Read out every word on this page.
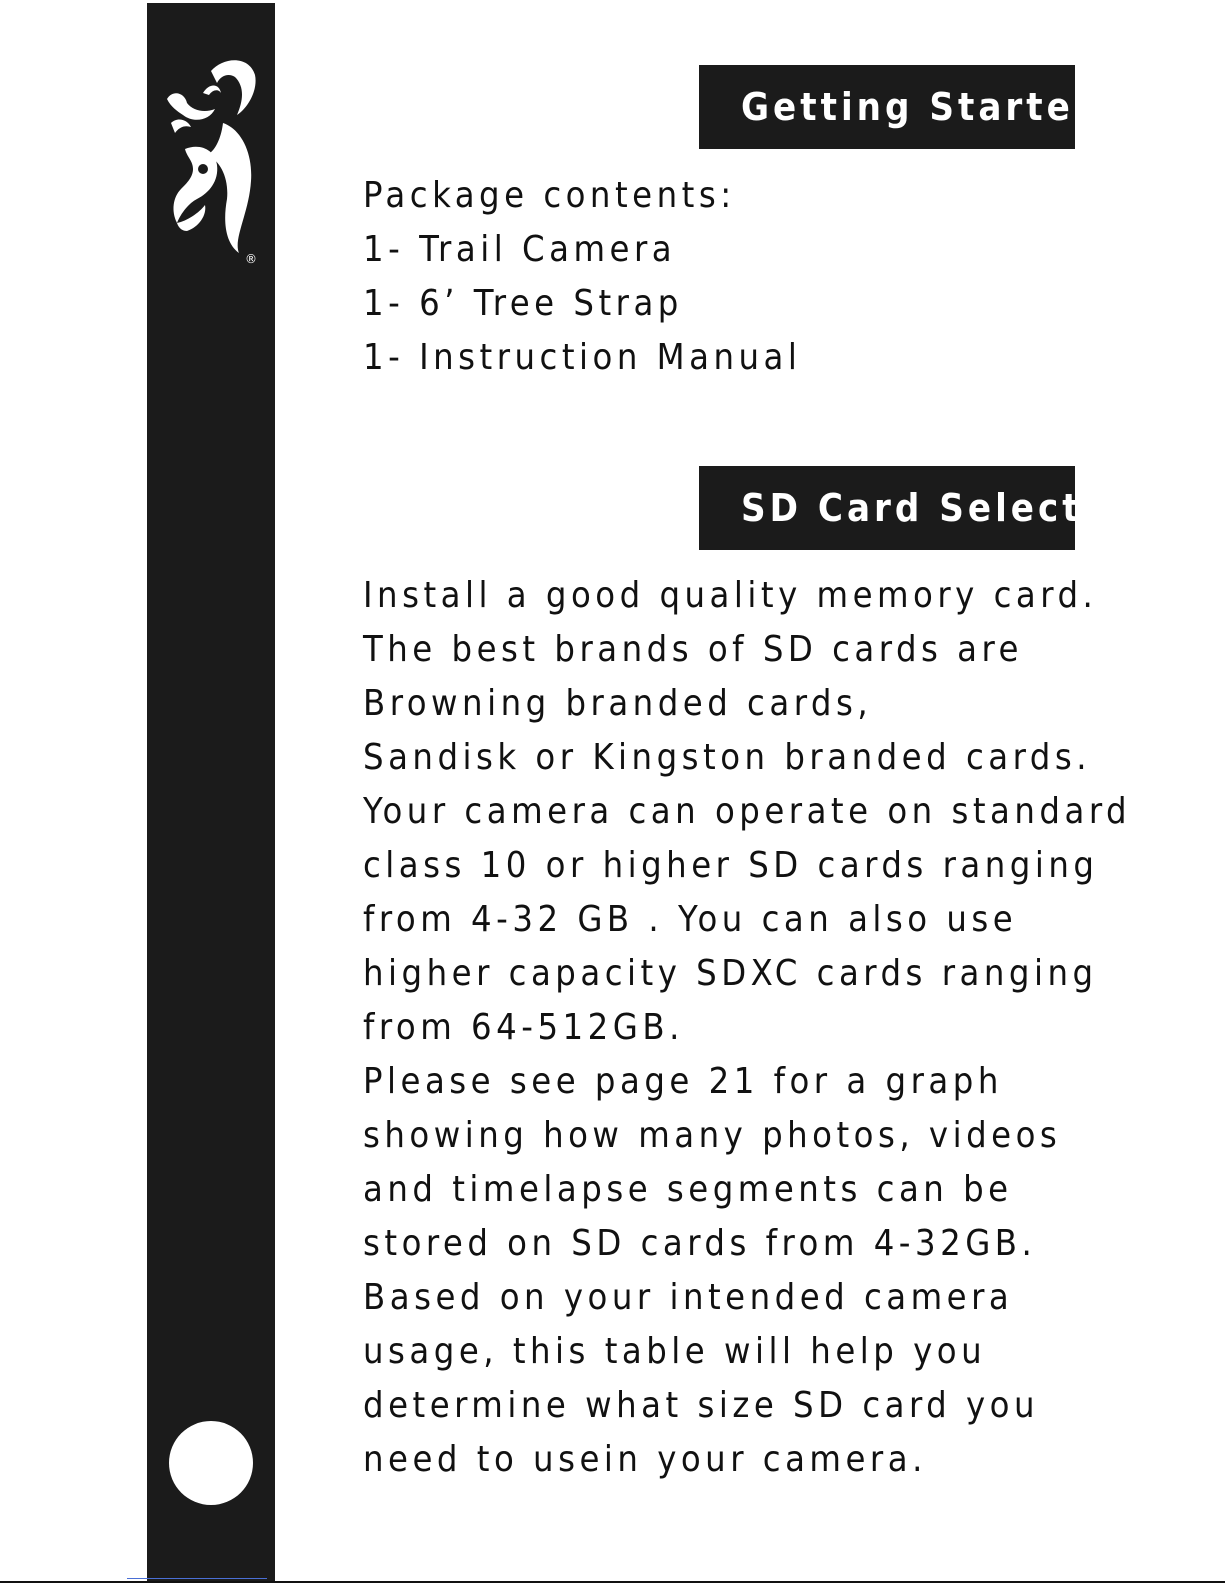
®
Getting Started
Package contents:
1- Trail Camera
1- 6’ Tree Strap
1- Instruction Manual
SD Card Selection
Install a good quality memory card.
The best brands of SD cards are
Browning branded cards,
Sandisk or Kingston branded cards.
Your camera can operate on standard
class 10 or higher SD cards ranging
from 4-32 GB . You can also use
higher capacity SDXC cards ranging
from 64-512GB.
Please see page 21 for a graph
showing how many photos, videos
and timelapse segments can be
stored on SD cards from 4-32GB.
Based on your intended camera
usage, this table will help you
determine what size SD card you
need to usein your camera.
